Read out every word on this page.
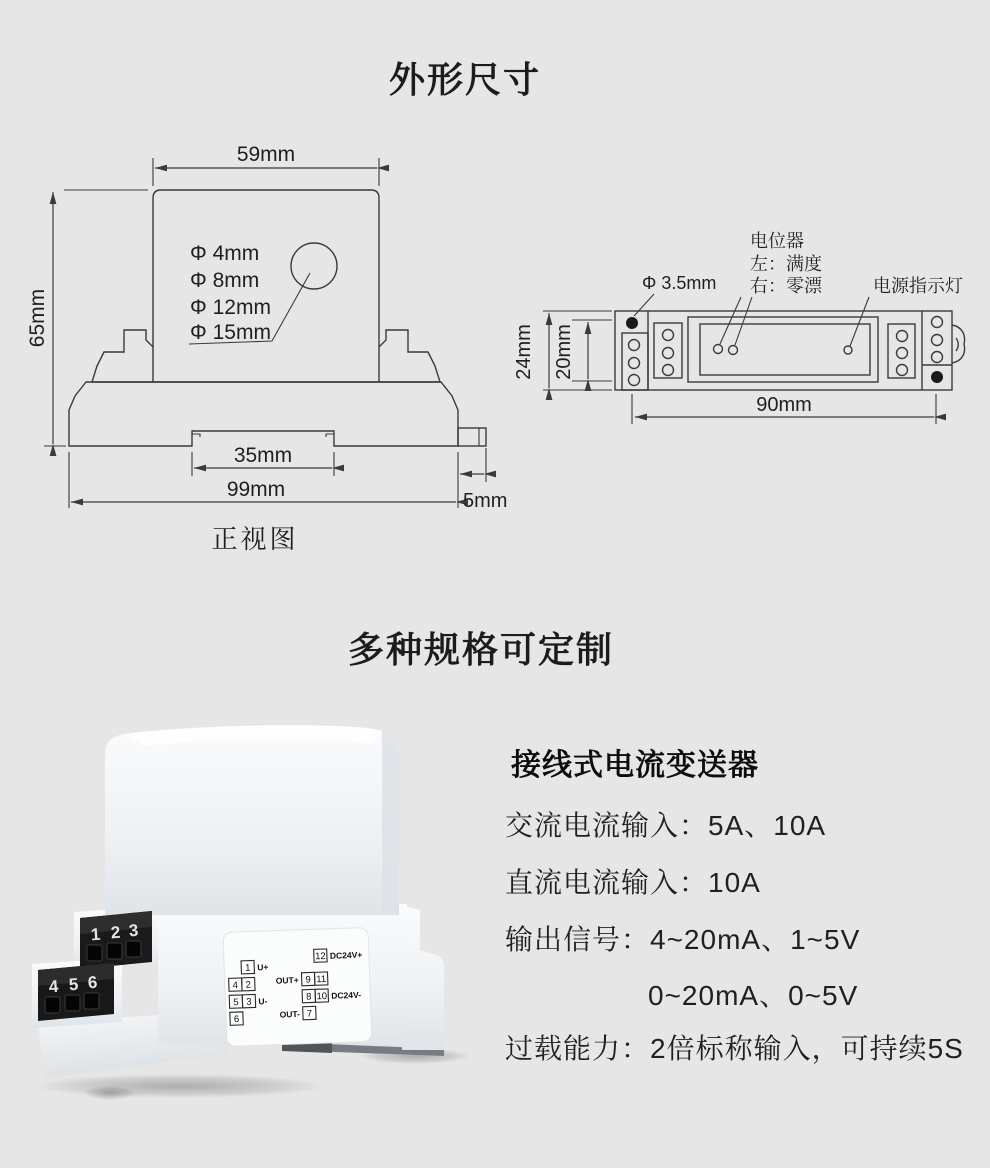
外形尺寸
多种规格可定制
59mm
65mm
35mm
99mm	5mm
Φ 4mm
Φ 8mm
Φ 12mm
Φ 15mm
正视图
24mm 20mm
90mm
Φ 3.5mm
电位器
左：满度
右：零漂	电源指示灯
1 2 3
4 5 6
1
4 2
5 3
6
12
9 11
8 10
7
U+
U-
OUT+
OUT-
DC24V+
DC24V-
接线式电流变送器
交流电流输入：5A、10A
直流电流输入：10A
输出信号：4~20mA、1~5V
0~20mA、0~5V
过载能力：2倍标称输入，可持续5S
